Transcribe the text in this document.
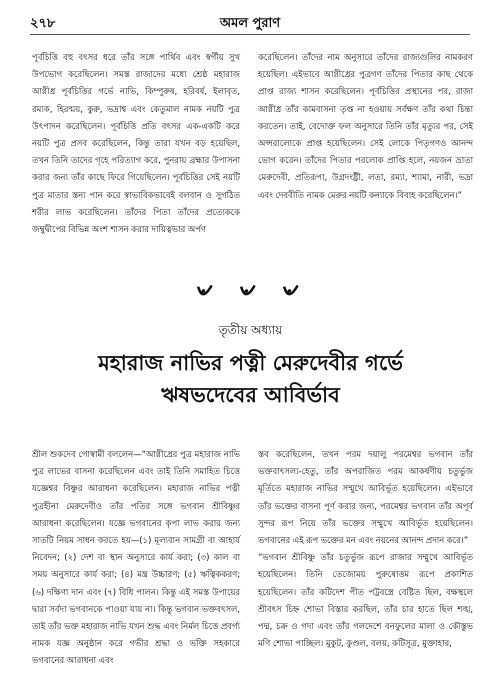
২৭৮	অমল পুরাণ

পূর্বচিত্তি বহু বৎসর ধরে তাঁর সঙ্গে পার্থিব এবং স্বর্গীয় সুখ উপভোগ করেছিলেন। সমস্ত রাজাদের মধ্যে শ্রেষ্ঠ মহারাজ আগ্নীধ্র পূর্বচিত্তির গর্ভে নাভি, কিম্পুরুষ, হরিবর্ষ, ইলাবৃত, রম্যক, হিরণ্ময়, কুরু, ভদ্রাশ্ব এবং কেতুমাল নামক নয়টি পুত্র উৎপাদন করেছিলেন। পূর্বচিত্তি প্রতি বৎসর এক-একটি করে নয়টি পুত্র প্রসব করেছিলেন, কিন্তু তারা যখন বড় হয়েছিল, তখন তিনি তাদের গৃহে পরিত্যাগ করে, পুনরায় ব্রহ্মার উপাসনা করার জন্য তাঁর কাছে ফিরে গিয়েছিলেন। পূর্বচিত্তির সেই নয়টি পুত্র মাতার স্তন্য পান করে স্বাভাবিকভাবেই বলবান ও সুগঠিত শরীর লাভ করেছিলেন। তাঁদের পিতা তাঁদের প্রত্যেককে জম্বুদ্বীপের বিভিন্ন অংশ শাসন করার দায়িত্বভার অর্পণ

করেছিলেন। তাঁদের নাম অনুসারে তাঁদের রাজ্যগুলির নামকরণ হয়েছিল। এইভাবে আগ্নীধ্রের পুত্রগণ তাঁদের পিতার কাছ থেকে প্রাপ্ত রাজ্য শাসন করেছিলেন। পূর্বচিত্তির প্রস্থানের পর, রাজা আগ্নীধ্র তাঁর কামবাসনা তৃপ্ত না হওয়ায় সর্বক্ষণ তাঁর কথা চিন্তা করতেন। তাই, বেদোক্ত ফল অনুসারে তিনি তাঁর মৃত্যুর পর, সেই অপ্সরালোকে প্রাপ্ত হয়েছিলেন। সেই লোকে পিতৃগণও আনন্দ ভোগ করেন। তাঁদের পিতার পরলোক প্রাপ্তি হলে, নয়জন ভ্রাতা মেরুদেবী, প্রতিরূপা, উগ্রদংষ্ট্রী, লতা, রম্যা, শ্যামা, নারী, ভদ্রা এবং দেববীতি নামক মেরুর নয়টি কন্যাকে বিবাহ করেছিলেন।”

৺ ৺ ৺
তৃতীয় অধ্যায়
মহারাজ নাভির পত্নী মেরুদেবীর গর্ভে
ঋষভদেবের আবির্ভাব

শ্রীল শুকদেব গোস্বামী বললেন—“আগ্নীধ্রের পুত্র মহারাজ নাভি পুত্র লাভের বাসনা করেছিলেন এবং তাই তিনি সমাহিত চিত্তে যজ্ঞেশ্বর বিষ্ণুর আরাধনা করেছিলেন। মহারাজ নাভির পত্নী পুত্রহীনা মেরুদেবীও তাঁর পতির সঙ্গে ভগবান শ্রীবিষ্ণুর আরাধনা করেছিলেন। যজ্ঞে ভগবানের কৃপা লাভ করার জন্য সাতটি নিয়ম সাধন করতে হয়—(১) মূল্যবান সামগ্রী বা আহার্য নিবেদন; (২) দেশ বা স্থান অনুসারে কার্য করা; (৩) কাল বা সময় অনুসারে কার্য করা; (৪) মন্ত্র উচ্চারণ; (৫) ঋত্বিককরণ; (৬) দক্ষিণা দান এবং (৭) বিধি পালন। কিন্তু এই সমস্ত উপায়ের দ্বারা সর্বদা ভগবানকে পাওয়া যায় না। কিন্তু ভগবান ভক্তবৎসল, তাই তাঁর ভক্ত মহারাজ নাভি যখন শুদ্ধ এবং নির্মল চিত্তে প্রবর্গ্য নামক যজ্ঞ অনুষ্ঠান করে গভীর শ্রদ্ধা ও ভক্তি সহকারে ভগবানের আরাধনা এবং

স্তব করেছিলেন, তখন পরম দয়ালু পরমেশ্বর ভগবান তাঁর ভক্তবাৎসল্য-হেতু, তাঁর অপরাজিত পরম আকর্ষণীয় চতুর্ভুজ মূর্তিতে মহারাজ নাভির সম্মুখে আবির্ভূত হয়েছিলেন। এইভাবে তাঁর ভক্তের বাসনা পূর্ণ করার জন্য, পরমেশ্বর ভগবান তাঁর অপূর্ব সুন্দর রূপ নিয়ে তাঁর ভক্তের সম্মুখে আবির্ভূত হয়েছিলেন। ভগবানের এই রূপ ভক্তের মন এবং নয়নের আনন্দ প্রদান করে।”
“ভগবান শ্রীবিষ্ণু তাঁর চতুর্ভুজ রূপে রাজার সম্মুখে আবির্ভূত হয়েছিলেন। তিনি তেজোময় পুরুষোত্তম রূপে প্রকাশিত হয়েছিলেন। তাঁর কটিদেশ পীত পট্টবস্ত্রে বেষ্টিত ছিল, বক্ষস্থলে শ্রীবৎস চিহ্ন শোভা বিস্তার করছিল, তাঁর চার হাতে ছিল শঙ্খ, পদ্ম, চক্র ও গদা এবং তাঁর গলদেশে বনফুলের মালা ও কৌস্তুভ মণি শোভা পাচ্ছিল। মুকুট, কুণ্ডল, বলয়, কটিসূত্র, মুক্তাহার,
